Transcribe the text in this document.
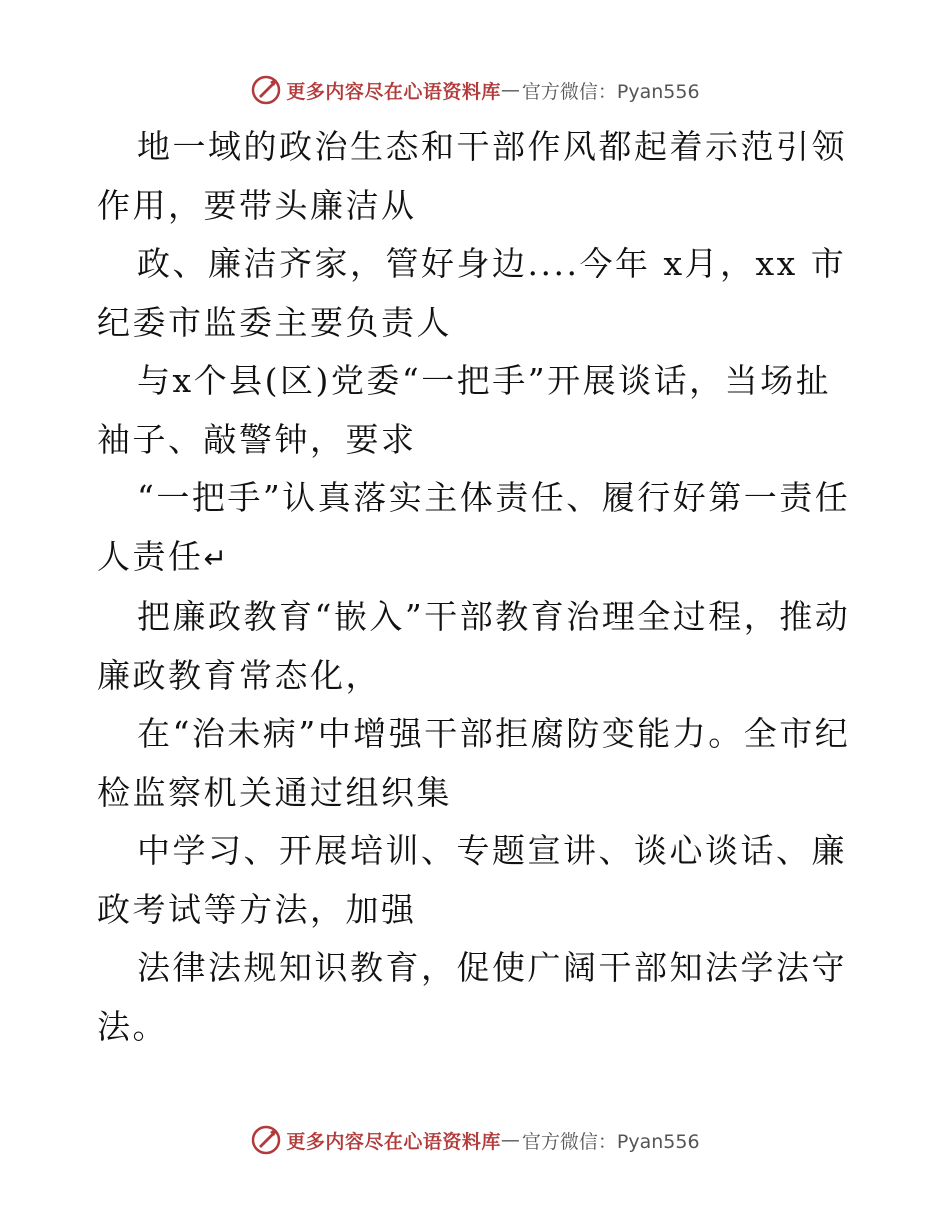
更多内容尽在心语资料库 — 官方微信：Pyan556

地一域的政治生态和干部作风都起着示范引领作用，要带头廉洁从

政、廉洁齐家，管好身边....今年 x月，xx 市纪委市监委主要负责人

与x个县(区)党委“一把手”开展谈话，当场扯袖子、敲警钟，要求

“一把手”认真落实主体责任、履行好第一责任人责任↵

把廉政教育“嵌入”干部教育治理全过程，推动廉政教育常态化，

在“治未病”中增强干部拒腐防变能力。全市纪检监察机关通过组织集

中学习、开展培训、专题宣讲、谈心谈话、廉政考试等方法，加强

法律法规知识教育，促使广阔干部知法学法守法。

更多内容尽在心语资料库 — 官方微信：Pyan556
